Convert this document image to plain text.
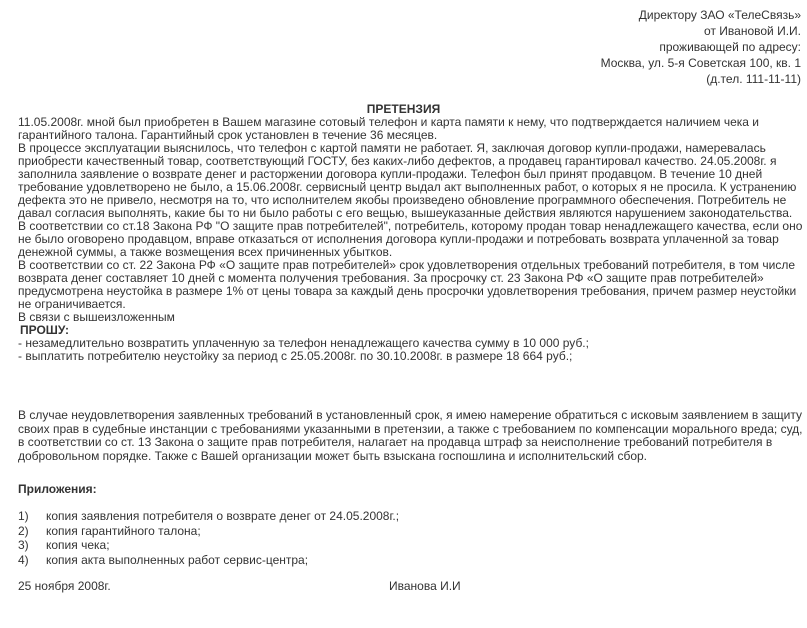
Директору ЗАО «ТелеСвязь»
от Ивановой И.И.
проживающей по адресу:
Москва, ул. 5-я Советская 100, кв. 1
(д.тел. 111-11-11)
ПРЕТЕНЗИЯ

11.05.2008г. мной был приобретен в Вашем магазине сотовый телефон и карта памяти к нему, что подтверждается наличием чека и гарантийного талона. Гарантийный срок установлен в течение 36 месяцев.

В процессе эксплуатации выяснилось, что телефон с картой памяти не работает. Я, заключая договор купли-продажи, намеревалась приобрести качественный товар, соответствующий ГОСТУ, без каких-либо дефектов, а продавец гарантировал качество. 24.05.2008г. я заполнила заявление о возврате денег и расторжении договора купли-продажи. Телефон был принят продавцом. В течение 10 дней требование удовлетворено не было, а 15.06.2008г. сервисный центр выдал акт выполненных работ, о которых я не просила. К устранению дефекта это не привело, несмотря на то, что исполнителем якобы произведено обновление программного обеспечения. Потребитель не давал согласия выполнять, какие бы то ни было работы с его вещью, вышеуказанные действия являются нарушением законодательства.

В соответствии со ст.18 Закона РФ "О защите прав потребителей", потребитель, которому продан товар ненадлежащего качества, если оно не было оговорено продавцом, вправе отказаться от исполнения договора купли-продажи и потребовать возврата уплаченной за товар денежной суммы, а также возмещения всех причиненных убытков.

В соответствии со ст. 22 Закона РФ «О защите прав потребителей» срок удовлетворения отдельных требований потребителя, в том числе возврата денег составляет 10 дней с момента получения требования. За просрочку ст. 23 Закона РФ «О защите прав потребителей» предусмотрена неустойка в размере 1% от цены товара за каждый день просрочки удовлетворения требования, причем размер неустойки не ограничивается.

В связи с вышеизложенным

ПРОШУ:

- незамедлительно возвратить уплаченную за телефон ненадлежащего качества сумму в 10 000 руб.;

- выплатить потребителю неустойку за период с 25.05.2008г. по 30.10.2008г. в размере 18 664 руб.;

В случае неудовлетворения заявленных требований в установленный срок, я имею намерение обратиться с исковым заявлением в защиту своих прав в судебные инстанции с требованиями указанными в претензии, а также с требованием по компенсации морального вреда; суд, в соответствии со ст. 13 Закона о защите прав потребителя, налагает на продавца штраф за неисполнение требований потребителя в добровольном порядке. Также с Вашей организации может быть взыскана госпошлина и исполнительский сбор.

Приложения:
1) копия заявления потребителя о возврате денег от 24.05.2008г.;
2) копия гарантийного талона;
3) копия чека;
4) копия акта выполненных работ сервис-центра;
25 ноября 2008г.	Иванова И.И
